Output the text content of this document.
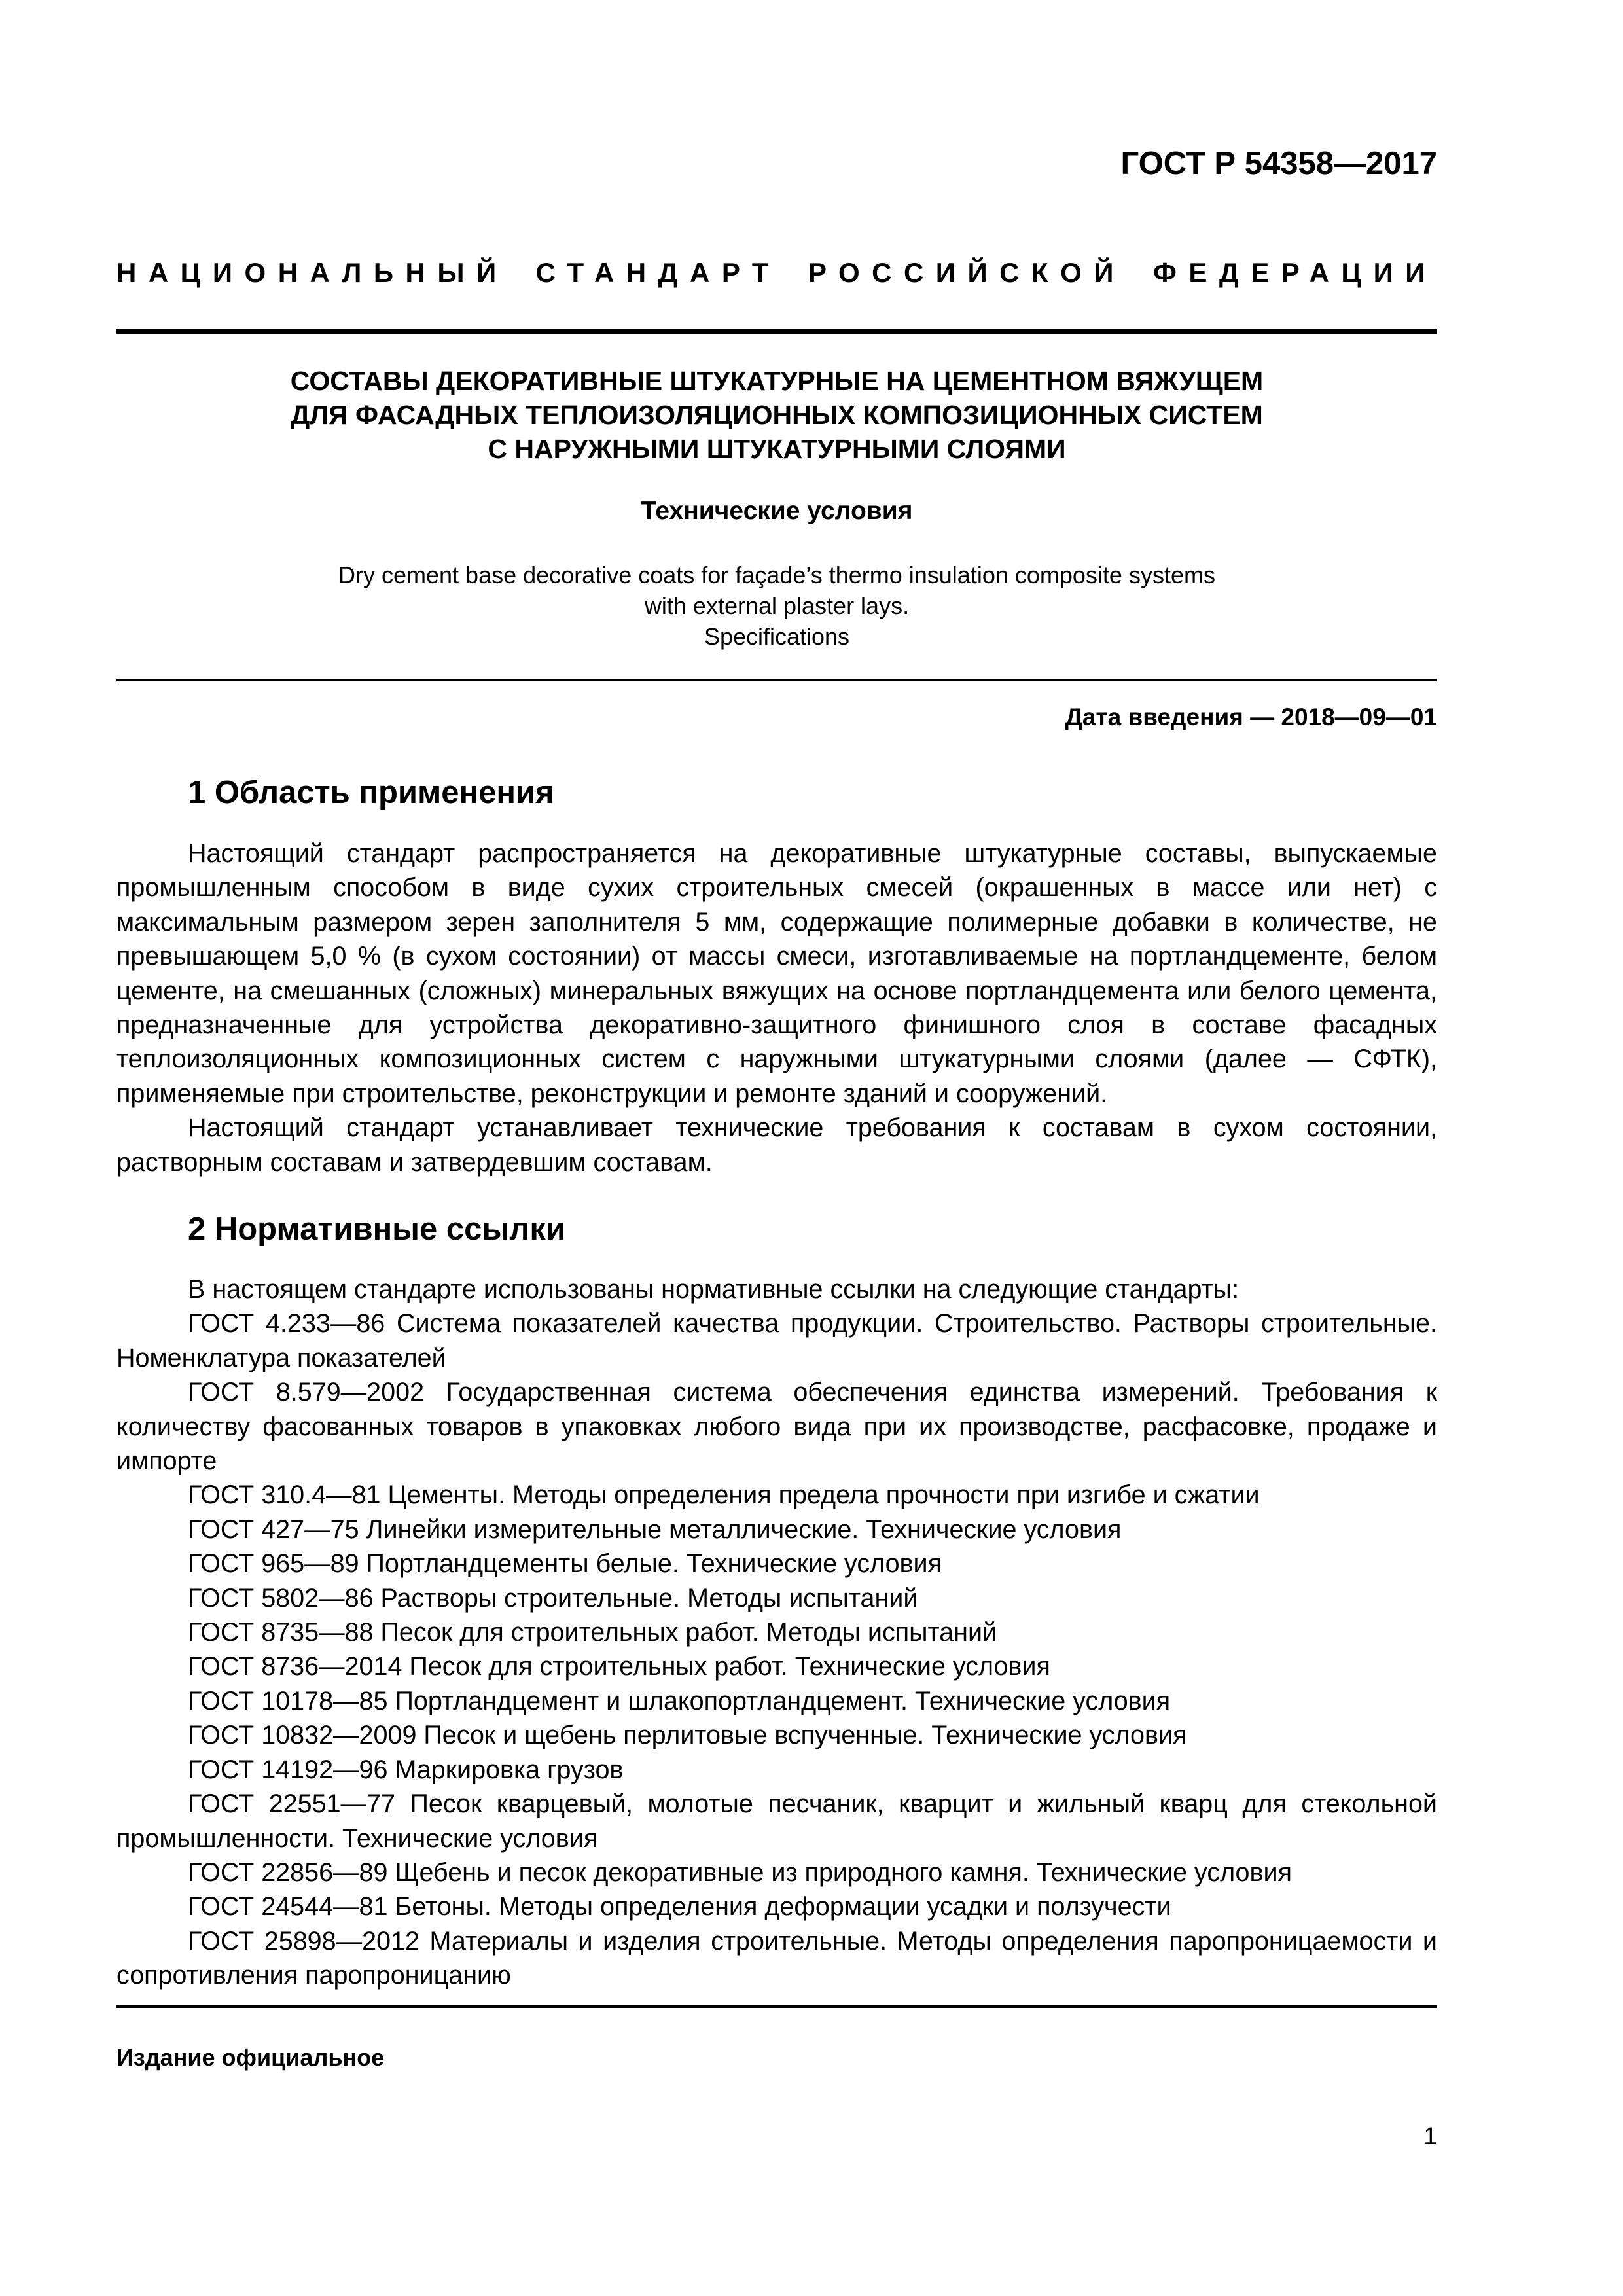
ГОСТ Р 54358—2017
НАЦИОНАЛЬНЫЙ СТАНДАРТ РОССИЙСКОЙ ФЕДЕРАЦИИ
СОСТАВЫ ДЕКОРАТИВНЫЕ ШТУКАТУРНЫЕ НА ЦЕМЕНТНОМ ВЯЖУЩЕМ
ДЛЯ ФАСАДНЫХ ТЕПЛОИЗОЛЯЦИОННЫХ КОМПОЗИЦИОННЫХ СИСТЕМ
С НАРУЖНЫМИ ШТУКАТУРНЫМИ СЛОЯМИ
Технические условия
Dry cement base decorative coats for façade’s thermo insulation composite systems
with external plaster lays.
Specifications
Дата введения — 2018—09—01
1 Область применения

Настоящий стандарт распространяется на декоративные штукатурные составы, выпускаемые промышленным способом в виде сухих строительных смесей (окрашенных в массе или нет) с максимальным размером зерен заполнителя 5 мм, содержащие полимерные добавки в количестве, не превышающем 5,0 % (в сухом состоянии) от массы смеси, изготавливаемые на портландцементе, белом цементе, на смешанных (сложных) минеральных вяжущих на основе портландцемента или белого цемента, предназначенные для устройства декоративно-защитного финишного слоя в составе фасадных теплоизоляционных композиционных систем с наружными штукатурными слоями (далее — СФТК), применяемые при строительстве, реконструкции и ремонте зданий и сооружений.

Настоящий стандарт устанавливает технические требования к составам в сухом состоянии, растворным составам и затвердевшим составам.

2 Нормативные ссылки

В настоящем стандарте использованы нормативные ссылки на следующие стандарты:

ГОСТ 4.233—86 Система показателей качества продукции. Строительство. Растворы строительные. Номенклатура показателей

ГОСТ 8.579—2002 Государственная система обеспечения единства измерений. Требования к количеству фасованных товаров в упаковках любого вида при их производстве, расфасовке, продаже и импорте

ГОСТ 310.4—81 Цементы. Методы определения предела прочности при изгибе и сжатии

ГОСТ 427—75 Линейки измерительные металлические. Технические условия

ГОСТ 965—89 Портландцементы белые. Технические условия

ГОСТ 5802—86 Растворы строительные. Методы испытаний

ГОСТ 8735—88 Песок для строительных работ. Методы испытаний

ГОСТ 8736—2014 Песок для строительных работ. Технические условия

ГОСТ 10178—85 Портландцемент и шлакопортландцемент. Технические условия

ГОСТ 10832—2009 Песок и щебень перлитовые вспученные. Технические условия

ГОСТ 14192—96 Маркировка грузов

ГОСТ 22551—77 Песок кварцевый, молотые песчаник, кварцит и жильный кварц для стекольной промышленности. Технические условия

ГОСТ 22856—89 Щебень и песок декоративные из природного камня. Технические условия

ГОСТ 24544—81 Бетоны. Методы определения деформации усадки и ползучести

ГОСТ 25898—2012 Материалы и изделия строительные. Методы определения паропроницаемости и сопротивления паропроницанию

Издание официальное
1
